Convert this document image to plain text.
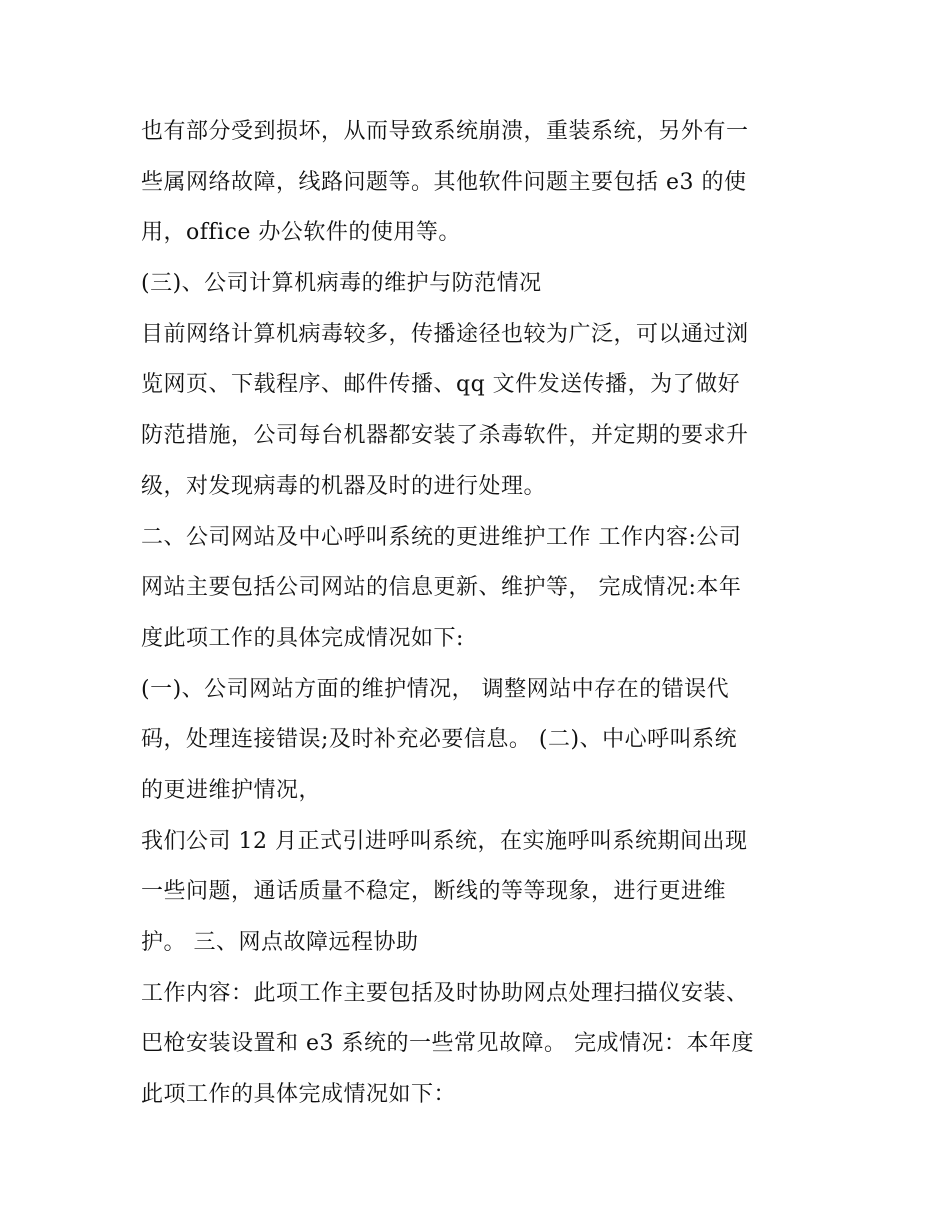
也有部分受到损坏，从而导致系统崩溃，重装系统，另外有一
些属网络故障，线路问题等。其他软件问题主要包括 e3 的使
用，office 办公软件的使用等。
(三)、公司计算机病毒的维护与防范情况
目前网络计算机病毒较多，传播途径也较为广泛，可以通过浏
览网页、下载程序、邮件传播、qq 文件发送传播，为了做好
防范措施，公司每台机器都安装了杀毒软件，并定期的要求升
级，对发现病毒的机器及时的进行处理。
二、公司网站及中心呼叫系统的更进维护工作 工作内容:公司
网站主要包括公司网站的信息更新、维护等， 完成情况:本年
度此项工作的具体完成情况如下:
(一)、公司网站方面的维护情况， 调整网站中存在的错误代
码，处理连接错误;及时补充必要信息。 (二)、中心呼叫系统
的更进维护情况，
我们公司 12 月正式引进呼叫系统，在实施呼叫系统期间出现
一些问题，通话质量不稳定，断线的等等现象，进行更进维
护。 三、网点故障远程协助
工作内容：此项工作主要包括及时协助网点处理扫描仪安装、
巴枪安装设置和 e3 系统的一些常见故障。 完成情况：本年度
此项工作的具体完成情况如下：
